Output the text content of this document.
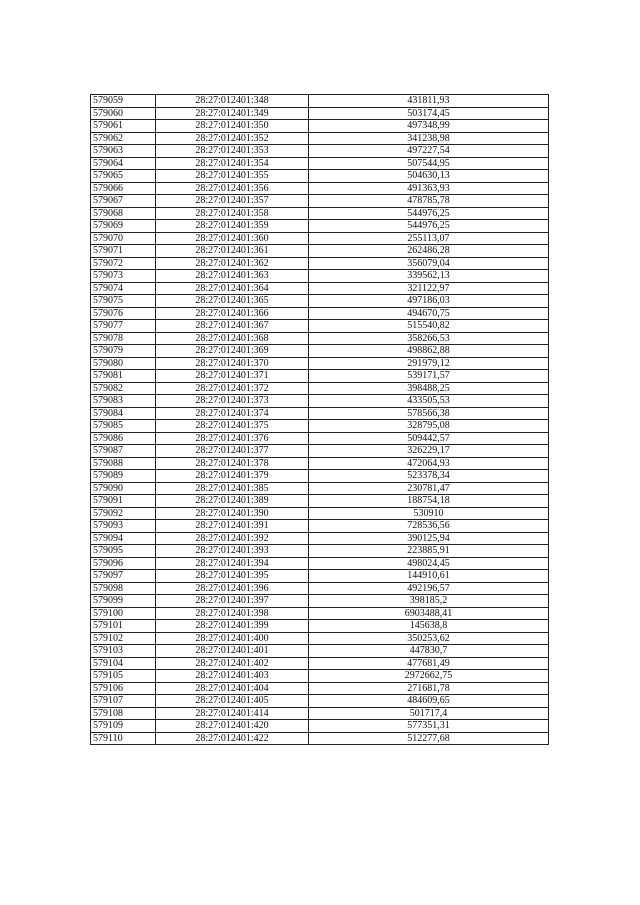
579059	28:27:012401:348	431811,93
579060	28:27:012401:349	503174,45
579061	28:27:012401:350	497348,99
579062	28:27:012401:352	341238,98
579063	28:27:012401:353	497227,54
579064	28:27:012401:354	507544,95
579065	28:27:012401:355	504630,13
579066	28:27:012401:356	491363,93
579067	28:27:012401:357	478785,78
579068	28:27:012401:358	544976,25
579069	28:27:012401:359	544976,25
579070	28:27:012401:360	255113,07
579071	28:27:012401:361	262486,28
579072	28:27:012401:362	356079,04
579073	28:27:012401:363	339562,13
579074	28:27:012401:364	321122,97
579075	28:27:012401:365	497186,03
579076	28:27:012401:366	494670,75
579077	28:27:012401:367	515540,82
579078	28:27:012401:368	358266,53
579079	28:27:012401:369	498862,88
579080	28:27:012401:370	291979,12
579081	28:27:012401:371	539171,57
579082	28:27:012401:372	398488,25
579083	28:27:012401:373	433505,53
579084	28:27:012401:374	578566,38
579085	28:27:012401:375	328795,08
579086	28:27:012401:376	509442,57
579087	28:27:012401:377	326229,17
579088	28:27:012401:378	472064,93
579089	28:27:012401:379	523378,34
579090	28:27:012401:385	230781,47
579091	28:27:012401:389	188754,18
579092	28:27:012401:390	530910
579093	28:27:012401:391	728536,56
579094	28:27:012401:392	390125,94
579095	28:27:012401:393	223885,91
579096	28:27:012401:394	498024,45
579097	28:27:012401:395	144910,61
579098	28:27:012401:396	492196,57
579099	28:27:012401:397	398185,2
579100	28:27:012401:398	6903488,41
579101	28:27:012401:399	145638,8
579102	28:27:012401:400	350253,62
579103	28:27:012401:401	447830,7
579104	28:27:012401:402	477681,49
579105	28:27:012401:403	2972662,75
579106	28:27:012401:404	271681,78
579107	28:27:012401:405	484609,65
579108	28:27:012401:414	501717,4
579109	28:27:012401:420	577351,31
579110	28:27:012401:422	512277,68
